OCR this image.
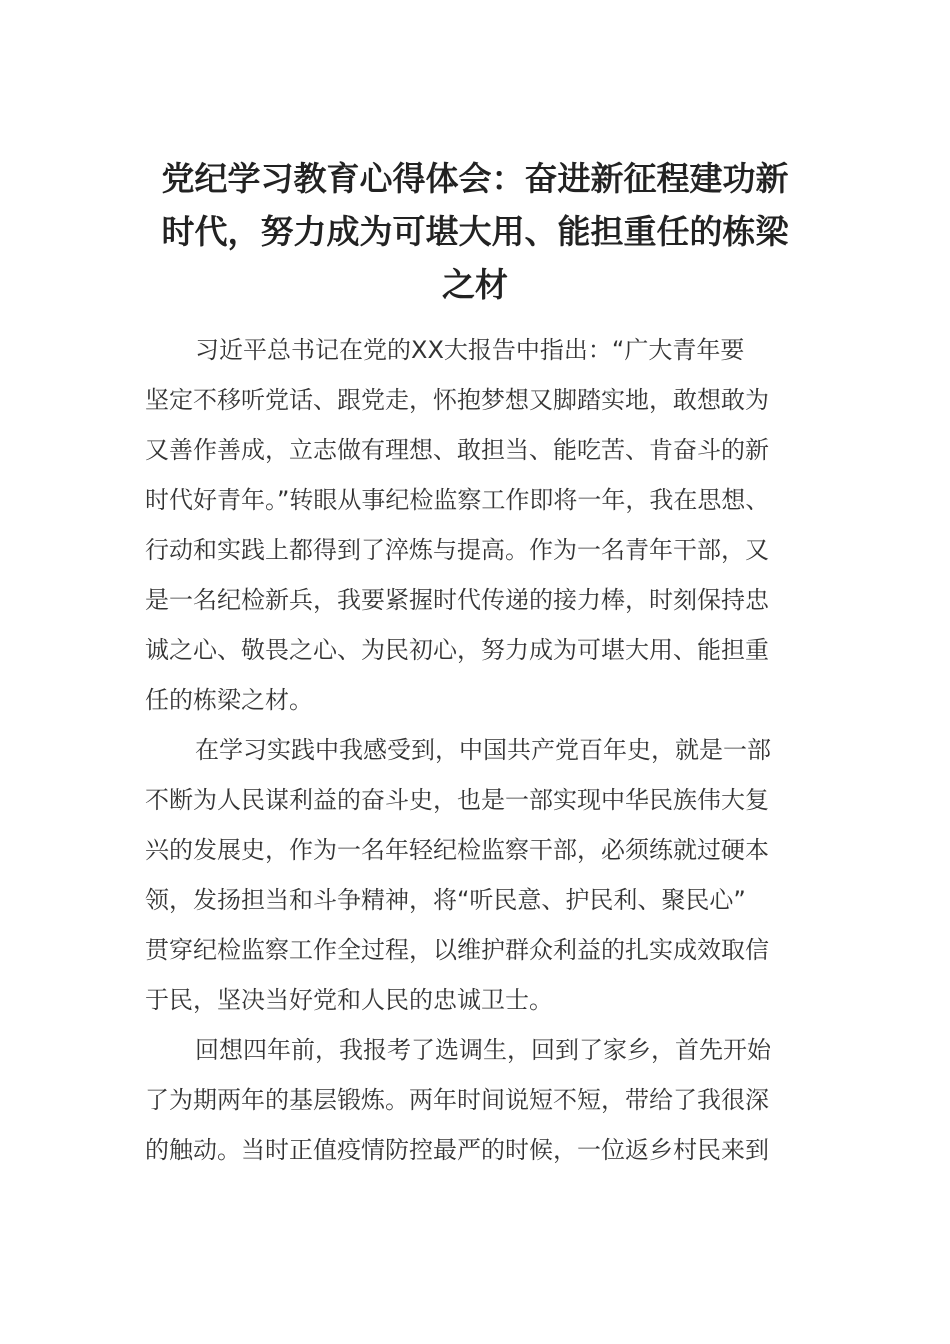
党纪学习教育心得体会：奋进新征程建功新
时代，努力成为可堪大用、能担重任的栋梁
之材

习近平总书记在党的XX大报告中指出：“广大青年要
坚定不移听党话、跟党走，怀抱梦想又脚踏实地，敢想敢为
又善作善成，立志做有理想、敢担当、能吃苦、肯奋斗的新
时代好青年。”转眼从事纪检监察工作即将一年，我在思想、
行动和实践上都得到了淬炼与提高。作为一名青年干部，又
是一名纪检新兵，我要紧握时代传递的接力棒，时刻保持忠
诚之心、敬畏之心、为民初心，努力成为可堪大用、能担重
任的栋梁之材。

在学习实践中我感受到，中国共产党百年史，就是一部
不断为人民谋利益的奋斗史，也是一部实现中华民族伟大复
兴的发展史，作为一名年轻纪检监察干部，必须练就过硬本
领，发扬担当和斗争精神，将“听民意、护民利、聚民心”
贯穿纪检监察工作全过程，以维护群众利益的扎实成效取信
于民，坚决当好党和人民的忠诚卫士。

回想四年前，我报考了选调生，回到了家乡，首先开始
了为期两年的基层锻炼。两年时间说短不短，带给了我很深
的触动。当时正值疫情防控最严的时候，一位返乡村民来到
